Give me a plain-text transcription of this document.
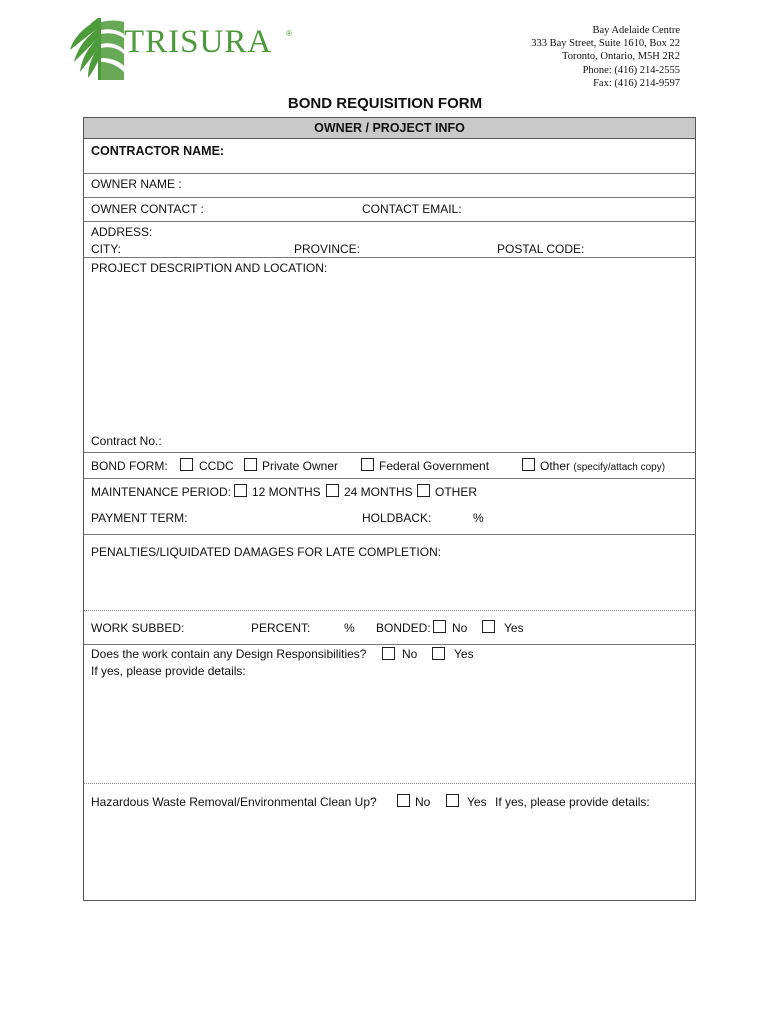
TRISURA ®	Bay Adelaide Centre
333 Bay Street, Suite 1610, Box 22
Toronto, Ontario, M5H 2R2
Phone: (416) 214-2555
Fax: (416) 214-9597
BOND REQUISITION FORM
OWNER / PROJECT INFO
CONTRACTOR NAME:
OWNER NAME :
OWNER CONTACT :	CONTACT EMAIL:
ADDRESS:
CITY:	PROVINCE:	POSTAL CODE:
PROJECT DESCRIPTION AND LOCATION:
Contract No.:
BOND FORM:	CCDC Private Owner	Federal Government	Other (specify/attach copy)
MAINTENANCE PERIOD: 12 MONTHS 24 MONTHS OTHER
PAYMENT TERM:	HOLDBACK:	%
PENALTIES/LIQUIDATED DAMAGES FOR LATE COMPLETION:
WORK SUBBED:	PERCENT:	% BONDED: No	Yes
Does the work contain any Design Responsibilities?	No	Yes
If yes, please provide details:
Hazardous Waste Removal/Environmental Clean Up?	No	Yes If yes, please provide details:
